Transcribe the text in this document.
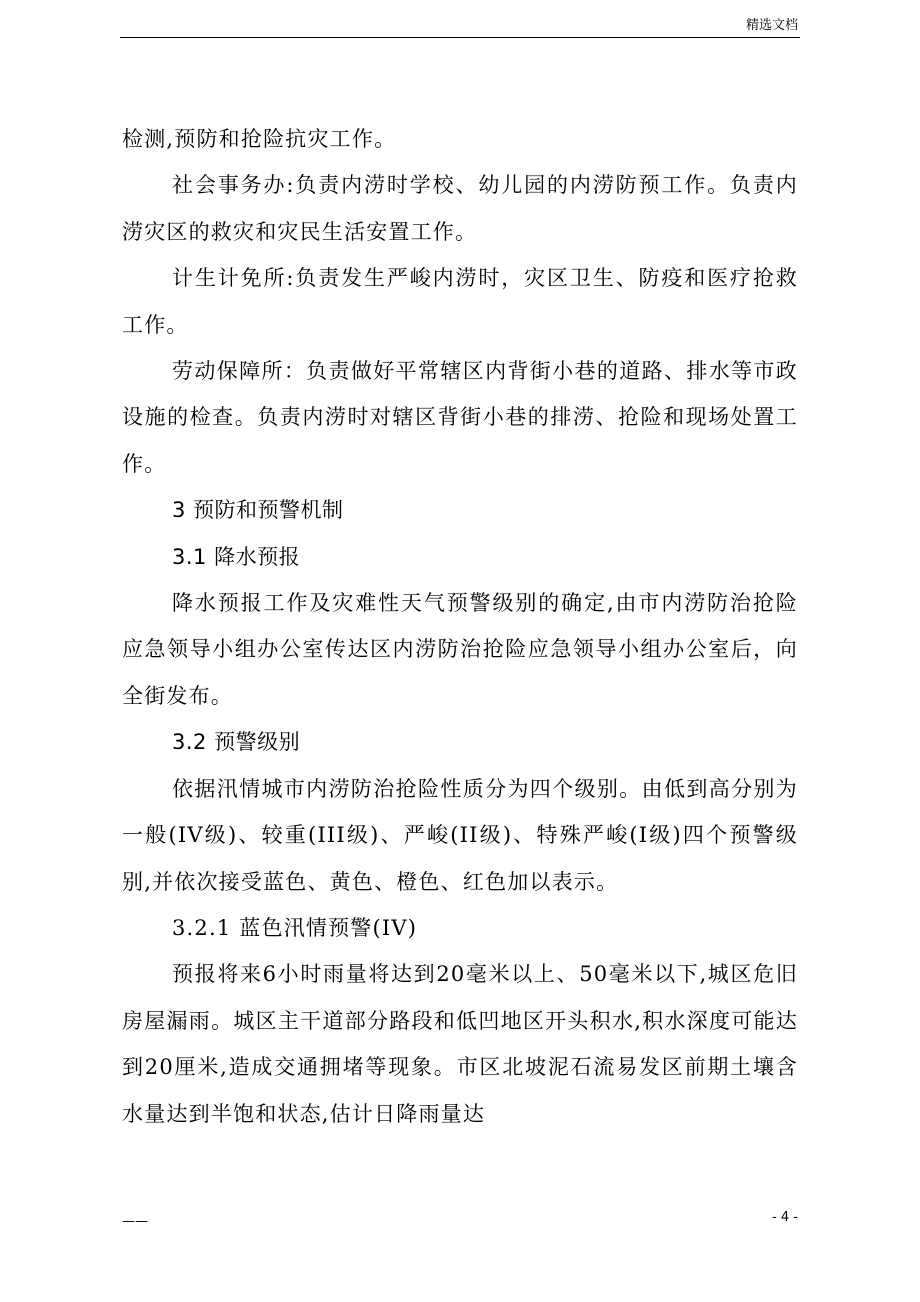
精选文档

检测,预防和抢险抗灾工作。

社会事务办:负责内涝时学校、幼儿园的内涝防预工作。负责内涝灾区的救灾和灾民生活安置工作。

计生计免所:负责发生严峻内涝时，灾区卫生、防疫和医疗抢救工作。

劳动保障所：负责做好平常辖区内背街小巷的道路、排水等市政设施的检查。负责内涝时对辖区背街小巷的排涝、抢险和现场处置工作。

3 预防和预警机制

3.1 降水预报

降水预报工作及灾难性天气预警级别的确定,由市内涝防治抢险应急领导小组办公室传达区内涝防治抢险应急领导小组办公室后，向全街发布。

3.2 预警级别

依据汛情城市内涝防治抢险性质分为四个级别。由低到高分别为一般(IV级)、较重(III级)、严峻(II级)、特殊严峻(I级)四个预警级别,并依次接受蓝色、黄色、橙色、红色加以表示。

3.2.1 蓝色汛情预警(IV)

预报将来6小时雨量将达到20毫米以上、50毫米以下,城区危旧房屋漏雨。城区主干道部分路段和低凹地区开头积水,积水深度可能达到20厘米,造成交通拥堵等现象。市区北坡泥石流易发区前期土壤含水量达到半饱和状态,估计日降雨量达

——	- 4 -
